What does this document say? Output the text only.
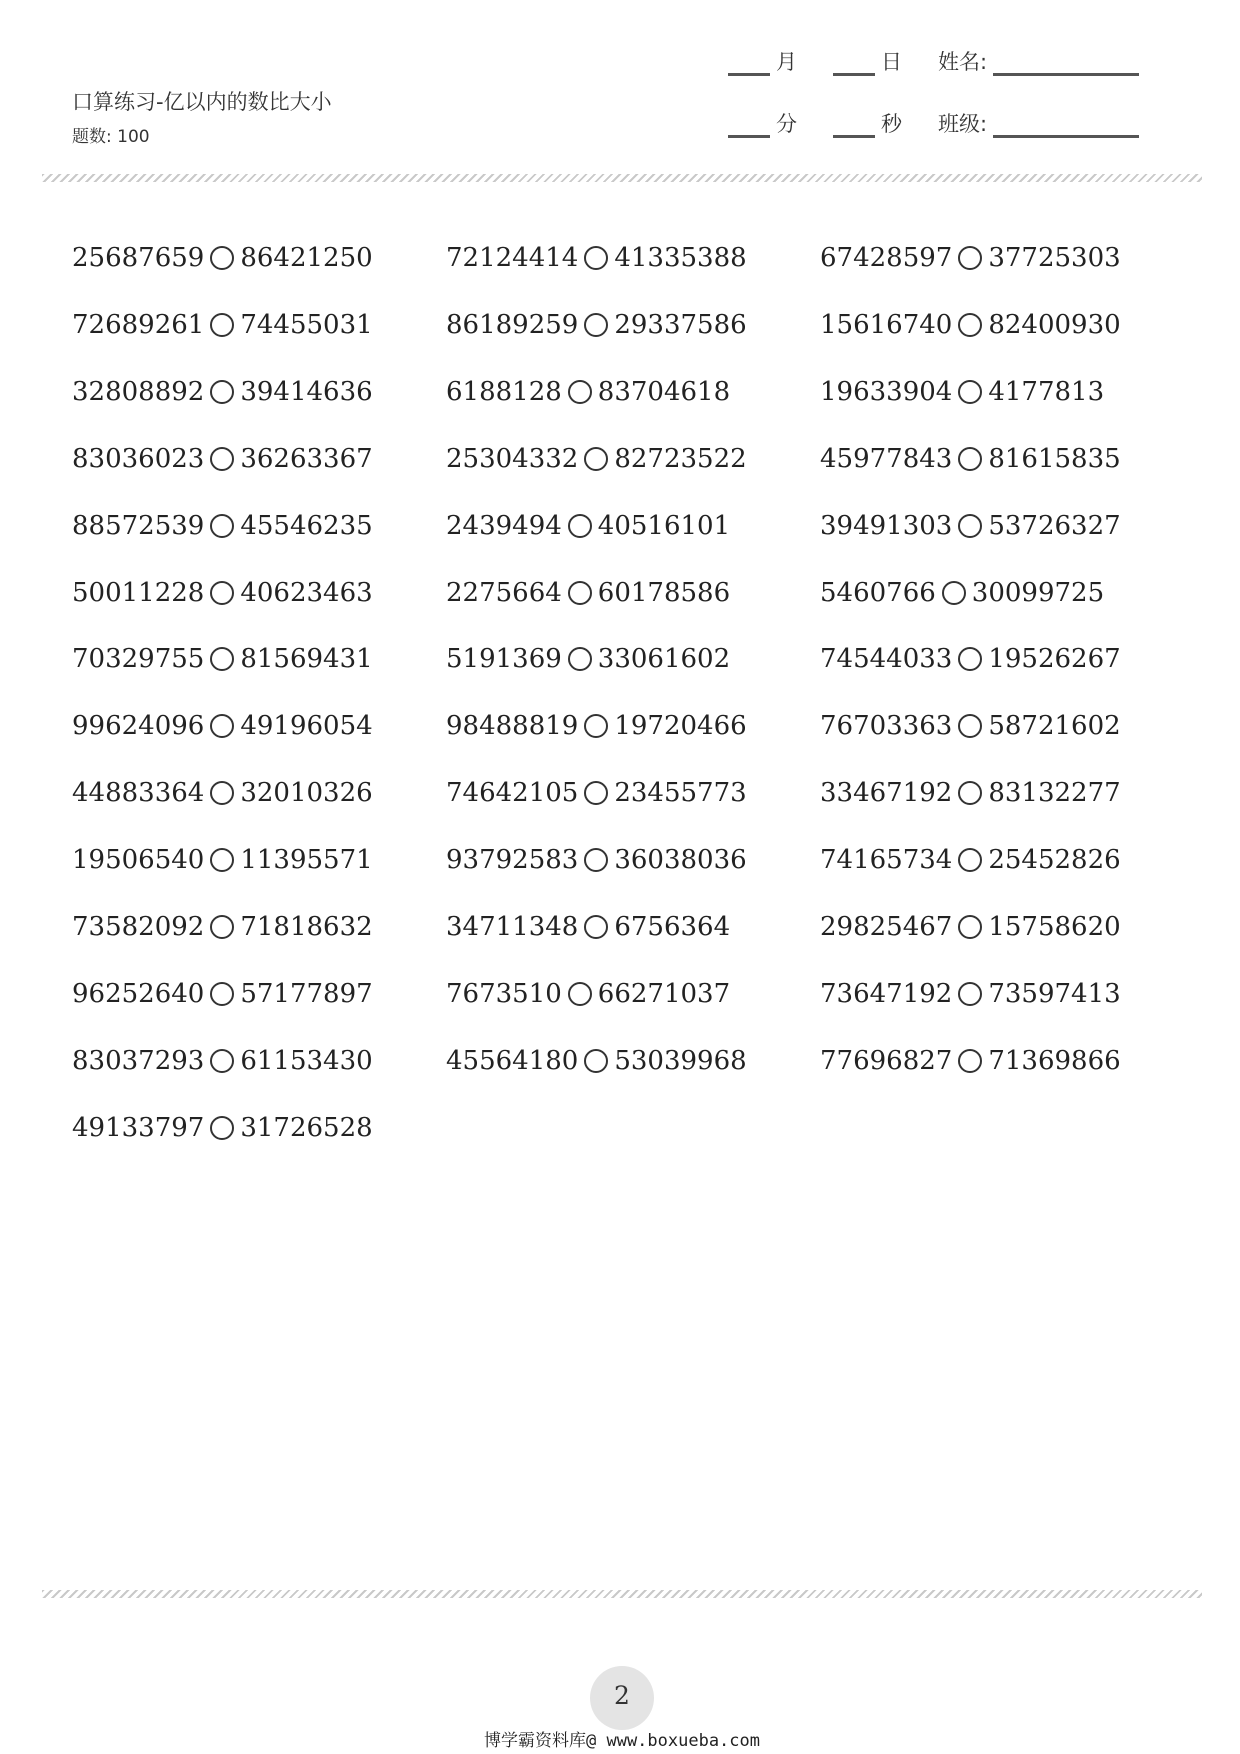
口算练习-亿以内的数比大小
题数: 100
月	日 姓名:
分	秒 班级:
25687659 86421250	72124414 41335388	67428597 37725303
72689261 74455031	86189259 29337586	15616740 82400930
32808892 39414636	6188128 83704618	19633904 4177813
83036023 36263367	25304332 82723522	45977843 81615835
88572539 45546235	2439494 40516101	39491303 53726327
50011228 40623463	2275664 60178586	5460766 30099725
70329755 81569431	5191369 33061602	74544033 19526267
99624096 49196054	98488819 19720466	76703363 58721602
44883364 32010326	74642105 23455773	33467192 83132277
19506540 11395571	93792583 36038036	74165734 25452826
73582092 71818632	34711348 6756364	29825467 15758620
96252640 57177897	7673510 66271037	73647192 73597413
83037293 61153430	45564180 53039968	77696827 71369866
49133797 31726528
2
博学霸资料库@ www.boxueba.com
